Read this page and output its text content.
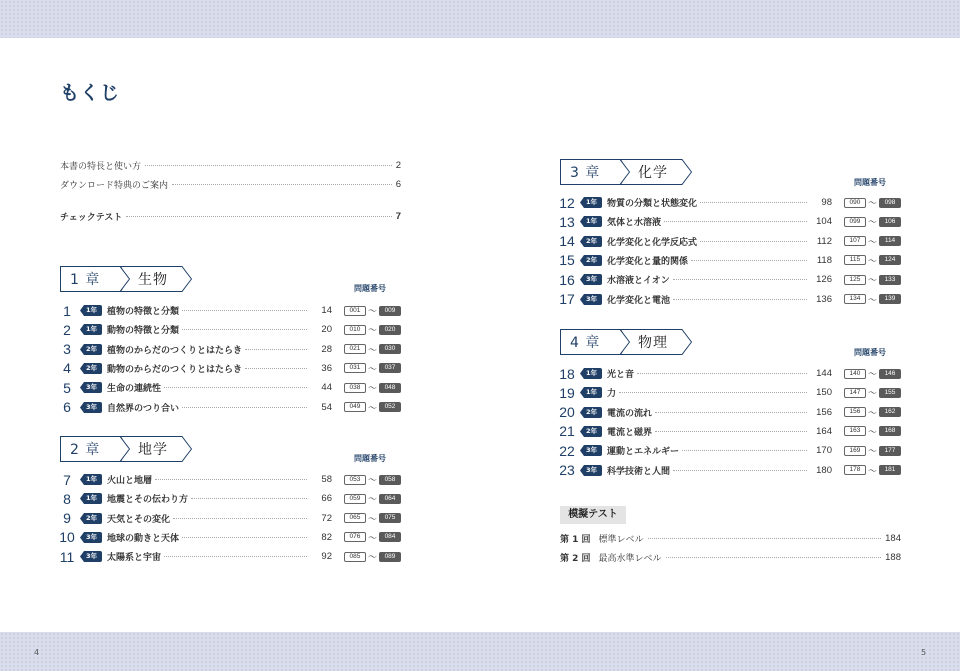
4	5
もくじ
本書の特長と使い方	2
ダウンロード特典のご案内	6
チェックテスト	7
生物
1 章
問題番号
1	1年	植物の特徴と分類	14	001 ～	009
2	1年	動物の特徴と分類	20	010 ～	020
3	2年	植物のからだのつくりとはたらき	28	021 ～	030
4	2年	動物のからだのつくりとはたらき	36	031 ～	037
5	3年	生命の連続性	44	038 ～	048
6	3年	自然界のつり合い	54	049 ～	052
地学
2 章
問題番号
7	1年	火山と地層	58	053 ～	058
8	1年	地震とその伝わり方	66	059 ～	064
9	2年	天気とその変化	72	065 ～	075
10	3年	地球の動きと天体	82	076 ～	084
11	3年	太陽系と宇宙	92	085 ～	089
化学
3 章
問題番号
12	1年	物質の分類と状態変化	98	090 ～	098
13	1年	気体と水溶液	104	099 ～	106
14	2年	化学変化と化学反応式	112	107 ～	114
15	2年	化学変化と量的関係	118	115 ～	124
16	3年	水溶液とイオン	126	125 ～	133
17	3年	化学変化と電池	136	134 ～	139
物理
4 章
問題番号
18	1年	光と音	144	140 ～	146
19	1年	力	150	147 ～	155
20	2年	電流の流れ	156	156 ～	162
21	2年	電流と磁界	164	163 ～	168
22	3年	運動とエネルギー	170	169 ～	177
23	3年	科学技術と人間	180	178 ～	181
模擬テスト
第 1 回 標準レベル	184
第 2 回 最高水準レベル	188
